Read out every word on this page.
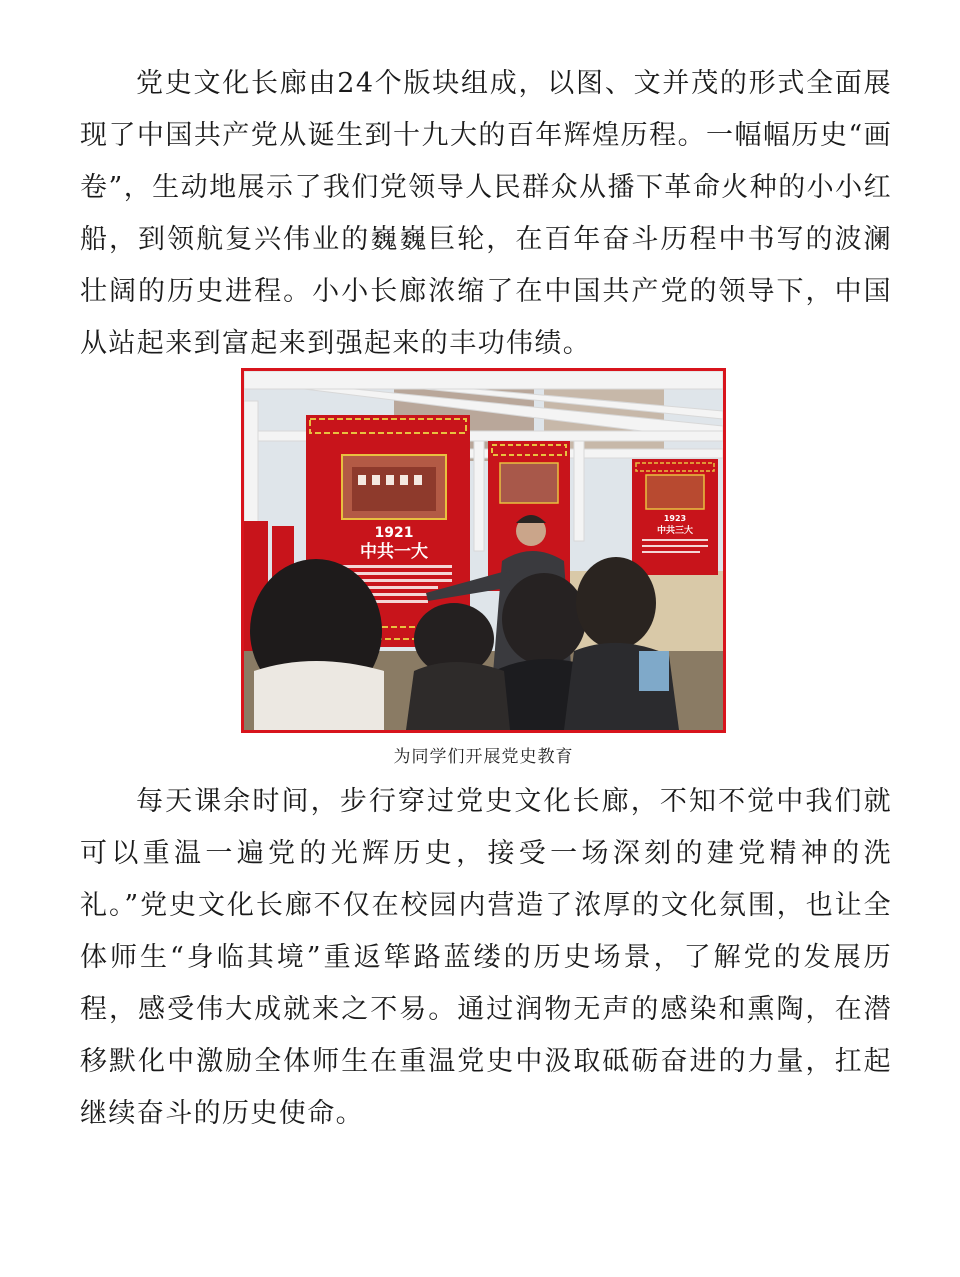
党史文化长廊由24个版块组成，以图、文并茂的形式全面展现了中国共产党从诞生到十九大的百年辉煌历程。一幅幅历史“画卷”，生动地展示了我们党领导人民群众从播下革命火种的小小红船，到领航复兴伟业的巍巍巨轮，在百年奋斗历程中书写的波澜壮阔的历史进程。小小长廊浓缩了在中国共产党的领导下，中国从站起来到富起来到强起来的丰功伟绩。

1921
中共一大
1923
中共三大
为同学们开展党史教育

每天课余时间，步行穿过党史文化长廊，不知不觉中我们就可以重温一遍党的光辉历史，接受一场深刻的建党精神的洗礼。”党史文化长廊不仅在校园内营造了浓厚的文化氛围，也让全体师生“身临其境”重返筚路蓝缕的历史场景，了解党的发展历程，感受伟大成就来之不易。通过润物无声的感染和熏陶，在潜移默化中激励全体师生在重温党史中汲取砥砺奋进的力量，扛起继续奋斗的历史使命。
